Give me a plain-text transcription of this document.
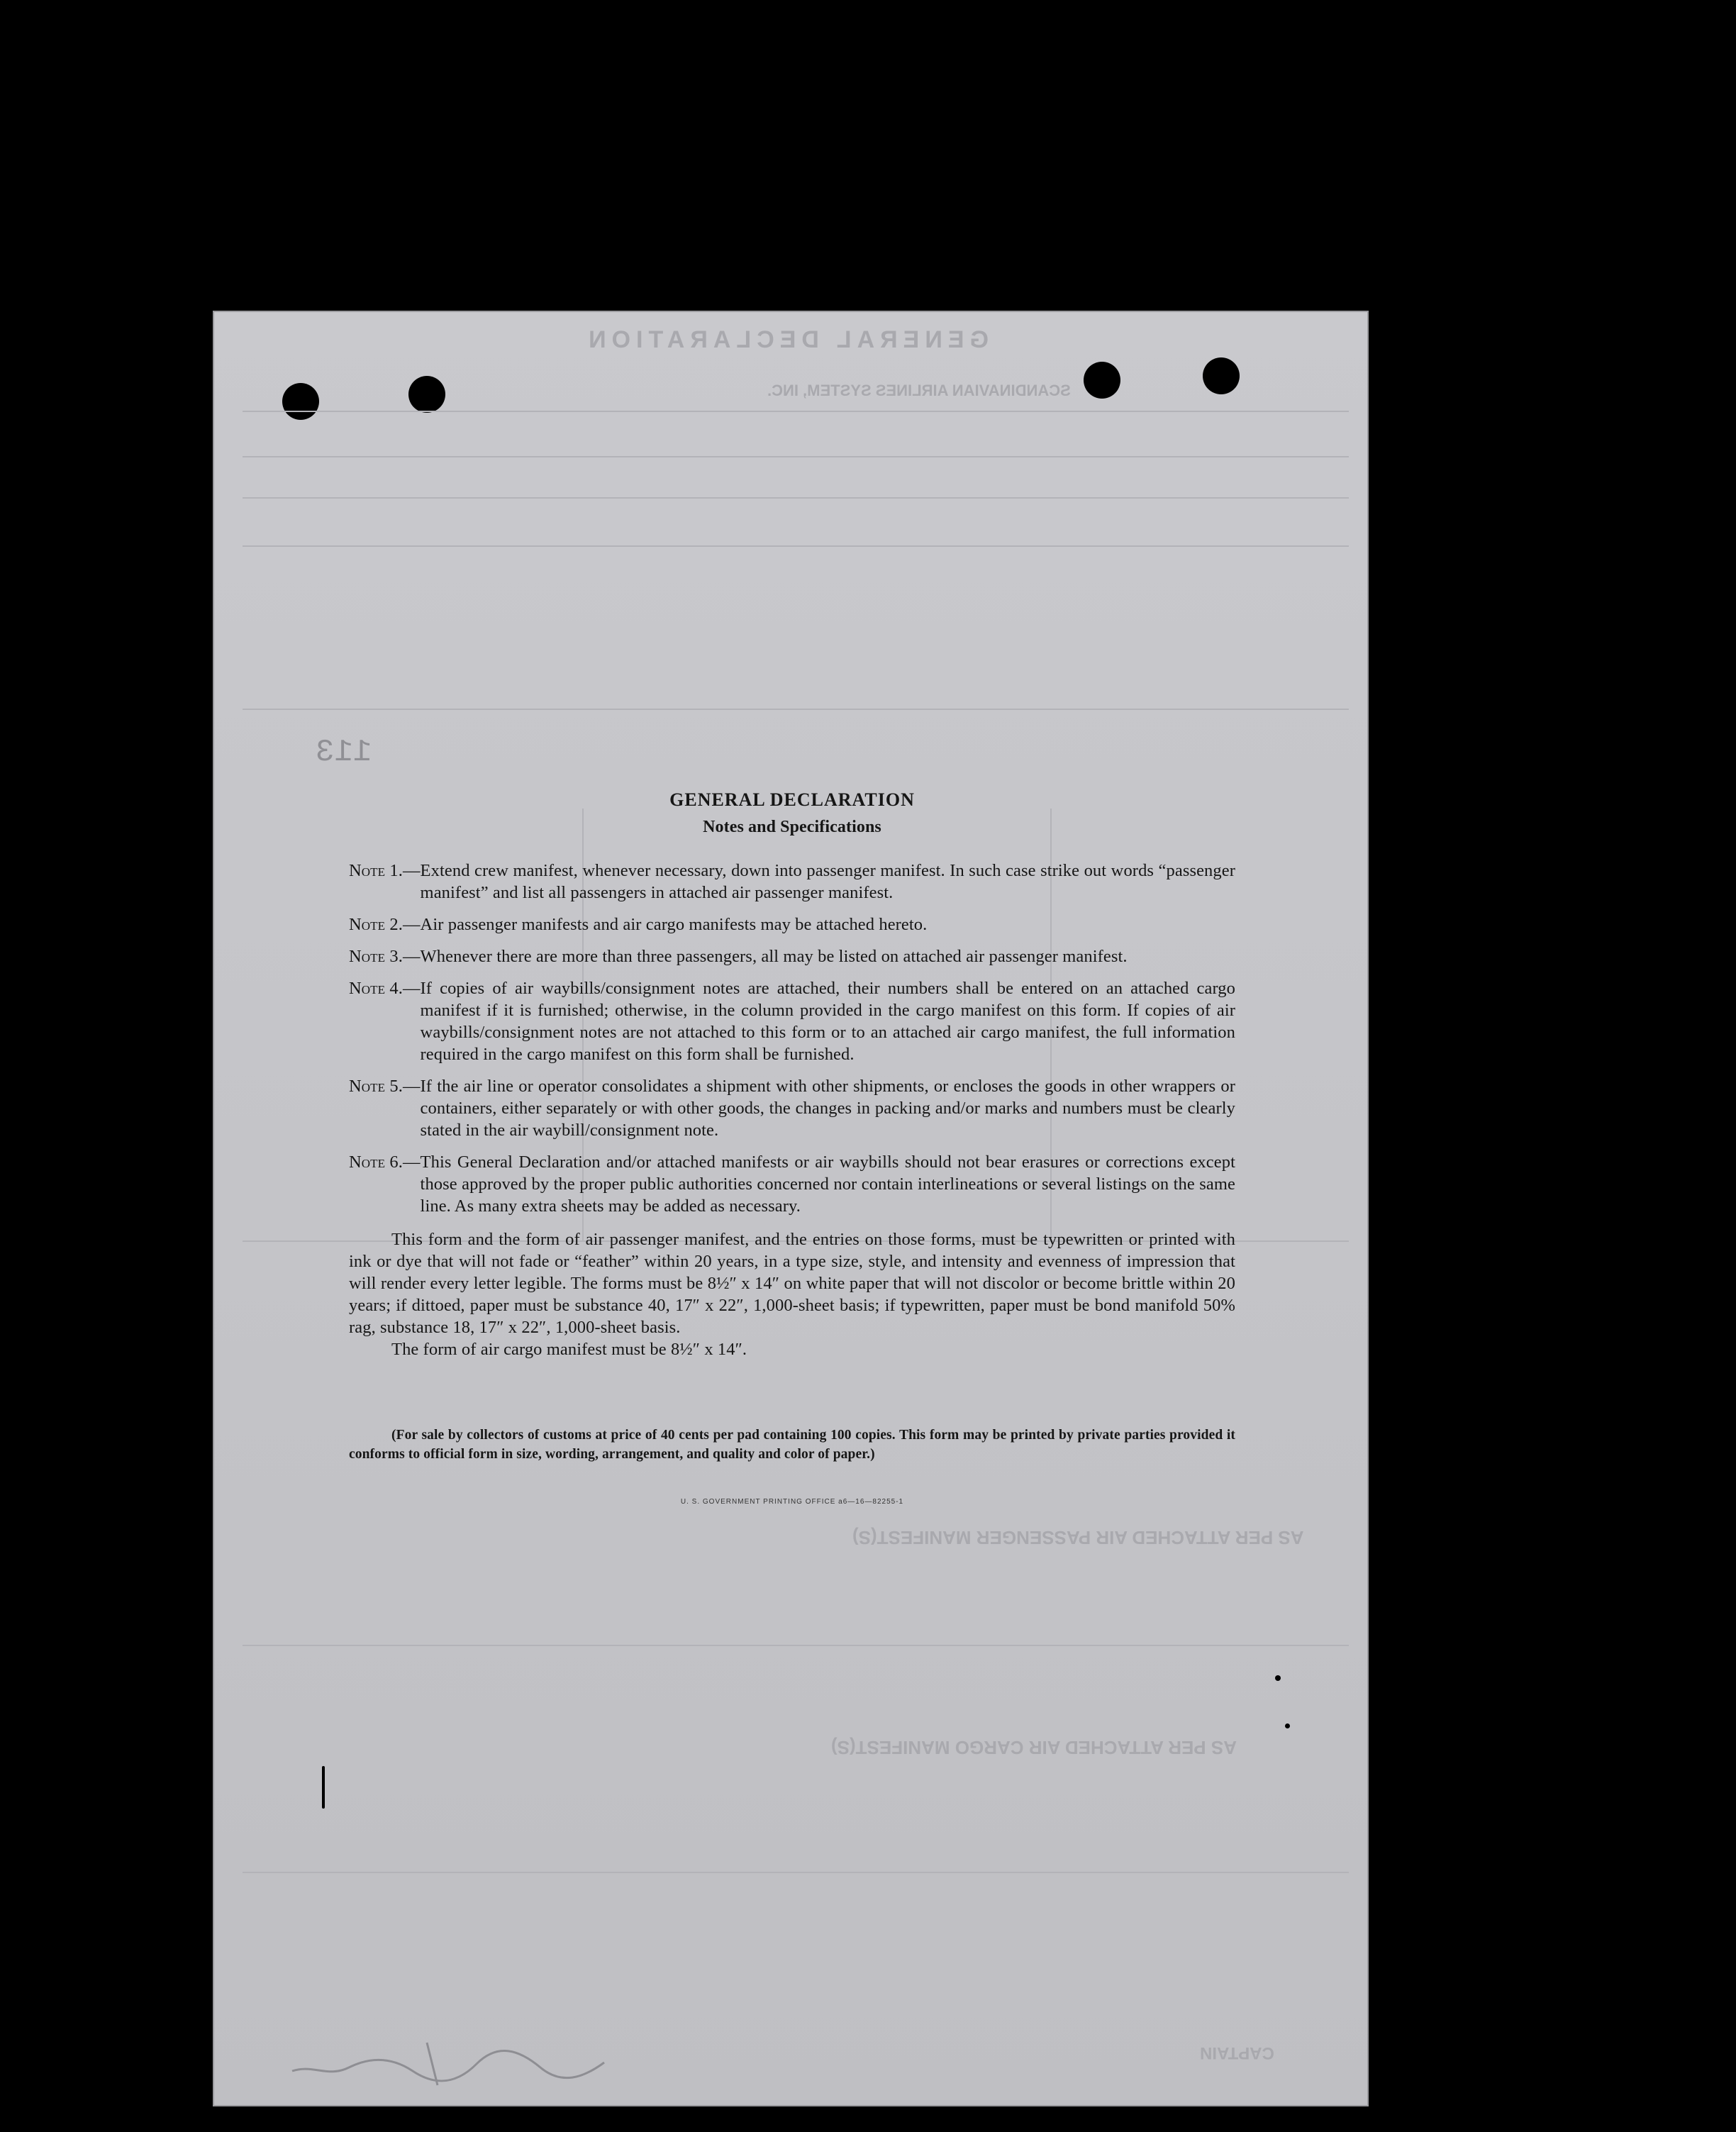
GENERAL DECLARATION
SCANDINAVIAN AIRLINES SYSTEM, INC.
AS PER ATTACHED AIR PASSENGER MANIFEST(S)
AS PER ATTACHED AIR CARGO MANIFEST(S)
CAPTAIN
113
GENERAL DECLARATION
Notes and Specifications
Note 1.— Extend crew manifest, whenever necessary, down into passenger manifest. In such case strike out words “passenger manifest” and list all passengers in attached air passenger manifest.
Note 2.— Air passenger manifests and air cargo manifests may be attached hereto.
Note 3.— Whenever there are more than three passengers, all may be listed on attached air passenger manifest.
Note 4.— If copies of air waybills/consignment notes are attached, their numbers shall be entered on an attached cargo manifest if it is furnished; otherwise, in the column provided in the cargo manifest on this form. If copies of air waybills/consignment notes are not attached to this form or to an attached air cargo manifest, the full information required in the cargo manifest on this form shall be furnished.
Note 5.— If the air line or operator consolidates a shipment with other shipments, or encloses the goods in other wrappers or containers, either separately or with other goods, the changes in packing and/or marks and numbers must be clearly stated in the air waybill/consignment note.
Note 6.— This General Declaration and/or attached manifests or air waybills should not bear erasures or corrections except those approved by the proper public authorities concerned nor contain interlineations or several listings on the same line. As many extra sheets may be added as necessary.
This form and the form of air passenger manifest, and the entries on those forms, must be typewritten or printed with ink or dye that will not fade or “feather” within 20 years, in a type size, style, and intensity and evenness of impression that will render every letter legible. The forms must be 8½″ x 14″ on white paper that will not discolor or become brittle within 20 years; if dittoed, paper must be substance 40, 17″ x 22″, 1,000-sheet basis; if typewritten, paper must be bond manifold 50% rag, substance 18, 17″ x 22″, 1,000-sheet basis.
The form of air cargo manifest must be 8½″ x 14″.
(For sale by collectors of customs at price of 40 cents per pad containing 100 copies. This form may be printed by private parties provided it conforms to official form in size, wording, arrangement, and quality and color of paper.)
U. S. GOVERNMENT PRINTING OFFICE a6—16—82255-1
